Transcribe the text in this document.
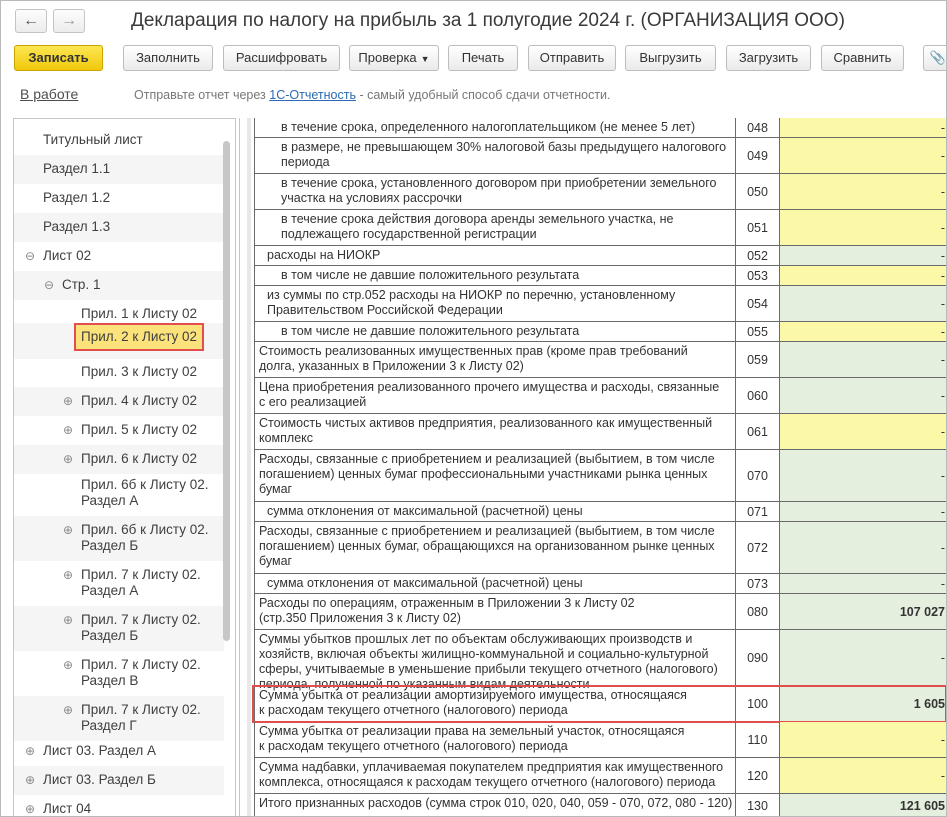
←	→	Декларация по налогу на прибыль за 1 полугодие 2024 г. (ОРГАНИЗАЦИЯ ООО)
Записать	Заполнить	Расшифровать	Проверка ▼	Печать	Отправить	Выгрузить	Загрузить	Сравнить	📎
В работе	Отправьте отчет через 1С-Отчетность - самый удобный способ сдачи отчетности.
Титульный лист
Раздел 1.1
Раздел 1.2
Раздел 1.3
⊖ Лист 02
⊖ Стр. 1
Прил. 1 к Листу 02
Прил. 2 к Листу 02
Прил. 3 к Листу 02
⊕ Прил. 4 к Листу 02
⊕ Прил. 5 к Листу 02
⊕ Прил. 6 к Листу 02
Прил. 6б к Листу 02.
Раздел А
⊕ Прил. 6б к Листу 02.
Раздел Б
⊕ Прил. 7 к Листу 02.
Раздел А
⊕ Прил. 7 к Листу 02.
Раздел Б
⊕ Прил. 7 к Листу 02.
Раздел В
⊕ Прил. 7 к Листу 02.
Раздел Г
⊕ Лист 03. Раздел А
⊕ Лист 03. Раздел Б
⊕ Лист 04
в течение срока, определенного налогоплательщиком (не менее 5 лет)	048	-
в размере, не превышающем 30% налоговой базы предыдущего налогового
периода	049	-
в течение срока, установленного договором при приобретении земельного
участка на условиях рассрочки	050	-
в течение срока действия договора аренды земельного участка, не
подлежащего государственной регистрации	051	-
расходы на НИОКР	052	-
в том числе не давшие положительного результата	053	-
из суммы по стр.052 расходы на НИОКР по перечню, установленному
Правительством Российской Федерации	054	-
в том числе не давшие положительного результата	055	-
Стоимость реализованных имущественных прав (кроме прав требований
долга, указанных в Приложении 3 к Листу 02)	059	-
Цена приобретения реализованного прочего имущества и расходы, связанные
с его реализацией	060	-
Стоимость чистых активов предприятия, реализованного как имущественный
комплекс	061	-
Расходы, связанные с приобретением и реализацией (выбытием, в том числе
погашением) ценных бумаг профессиональными участниками рынка ценных
бумаг
070	-
сумма отклонения от максимальной (расчетной) цены	071	-
Расходы, связанные с приобретением и реализацией (выбытием, в том числе
погашением) ценных бумаг, обращающихся на организованном рынке ценных
бумаг
072	-
сумма отклонения от максимальной (расчетной) цены	073	-
Расходы по операциям, отраженным в Приложении 3 к Листу 02
(стр.350 Приложения 3 к Листу 02)	080	107 027
Суммы убытков прошлых лет по объектам обслуживающих производств и
хозяйств, включая объекты жилищно-коммунальной и социально-культурной
сферы, учитываемые в уменьшение прибыли текущего отчетного (налогового)
периода, полученной по указанным видам деятельности
090	-
Сумма убытка от реализации амортизируемого имущества, относящаяся
к расходам текущего отчетного (налогового) периода	100	1 605
Сумма убытка от реализации права на земельный участок, относящаяся
к расходам текущего отчетного (налогового) периода	110	-
Сумма надбавки, уплачиваемая покупателем предприятия как имущественного
комплекса, относящаяся к расходам текущего отчетного (налогового) периода	120	-
Итого признанных расходов (сумма строк 010, 020, 040, 059 - 070, 072, 080 - 120)	130	121 605
